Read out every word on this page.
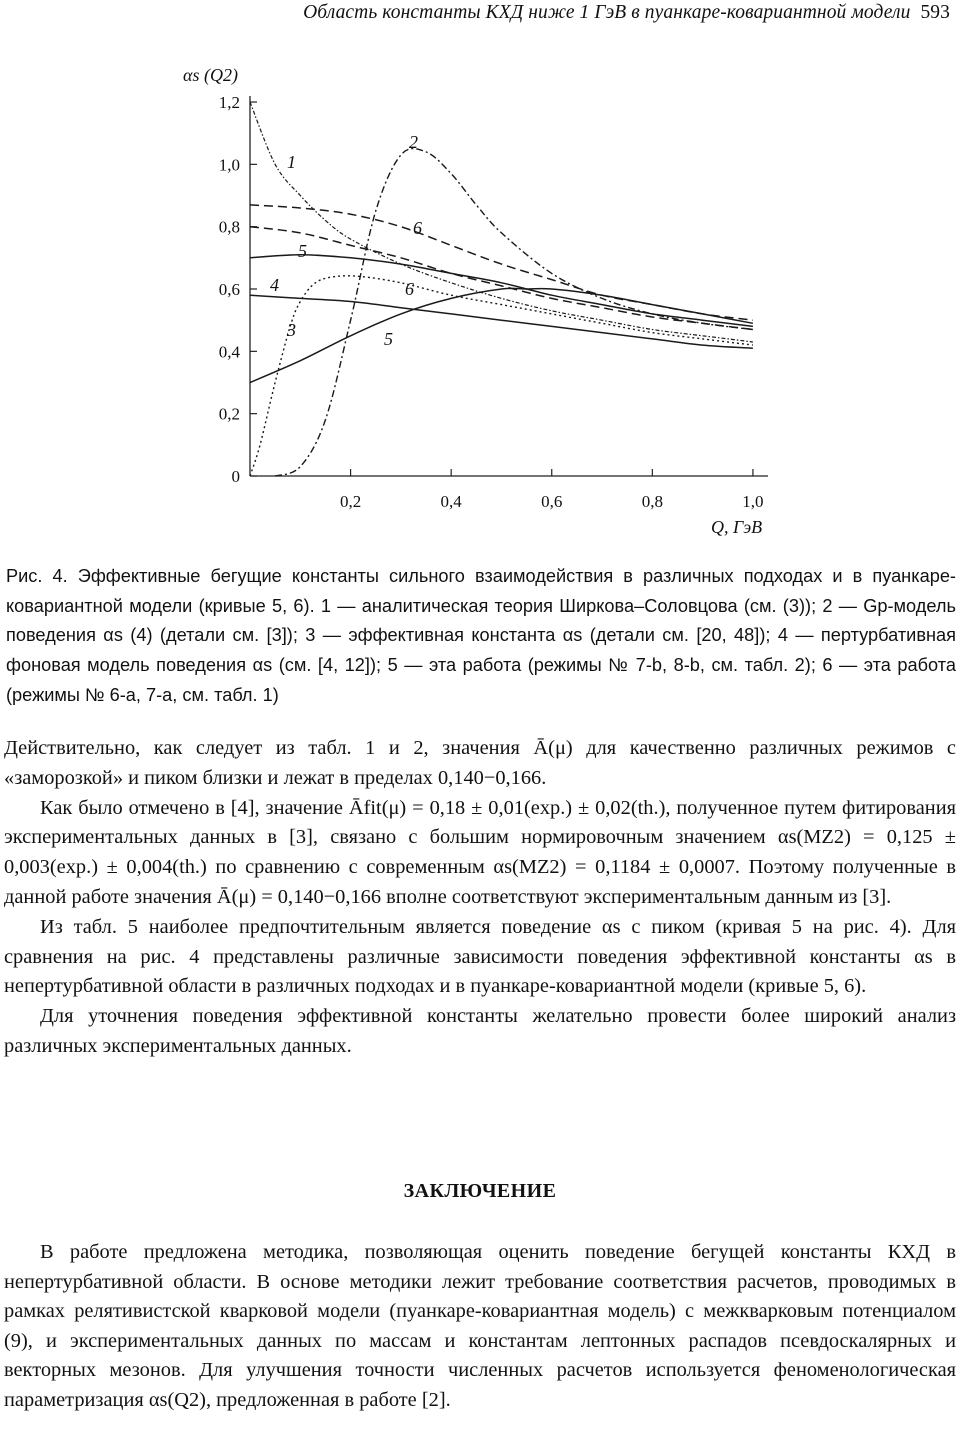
Область константы КХД ниже 1 ГэВ в пуанкаре-ковариантной модели 593
αs (Q2)
Q, ГэВ
0
0,2
0,4
0,6
0,8
1,0
1,2
0,2	0,4	0,6	0,8	1,0
1
2
3
4
5
6
5
6

Рис. 4. Эффективные бегущие константы сильного взаимодействия в различных подходах и в пуанкаре-ковариантной модели (кривые 5, 6). 1 — аналитическая теория Ширкова–Соловцова (см. (3)); 2 — Gp-модель поведения αs (4) (детали см. [3]); 3 — эффективная константа αs (детали см. [20, 48]); 4 — пертурбативная фоновая модель поведения αs (см. [4, 12]); 5 — эта работа (режимы № 7-b, 8-b, см. табл. 2); 6 — эта работа (режимы № 6-a, 7-a, см. табл. 1)

Действительно, как следует из табл. 1 и 2, значения Ā(μ) для качественно различных режимов с «заморозкой» и пиком близки и лежат в пределах 0,140−0,166.

Как было отмечено в [4], значение Āfit(μ) = 0,18 ± 0,01(exp.) ± 0,02(th.), полученное путем фитирования экспериментальных данных в [3], связано с большим нормировочным значением αs(MZ2) = 0,125 ± 0,003(exp.) ± 0,004(th.) по сравнению с современным αs(MZ2) = 0,1184 ± 0,0007. Поэтому полученные в данной работе значения Ā(μ) = 0,140−0,166 вполне соответствуют экспериментальным данным из [3].

Из табл. 5 наиболее предпочтительным является поведение αs с пиком (кривая 5 на рис. 4). Для сравнения на рис. 4 представлены различные зависимости поведения эффективной константы αs в непертурбативной области в различных подходах и в пуанкаре-ковариантной модели (кривые 5, 6).

Для уточнения поведения эффективной константы желательно провести более широкий анализ различных экспериментальных данных.

ЗАКЛЮЧЕНИЕ

В работе предложена методика, позволяющая оценить поведение бегущей константы КХД в непертурбативной области. В основе методики лежит требование соответствия расчетов, проводимых в рамках релятивистской кварковой модели (пуанкаре-ковариантная модель) с межкварковым потенциалом (9), и экспериментальных данных по массам и константам лептонных распадов псевдоскалярных и векторных мезонов. Для улучшения точности численных расчетов используется феноменологическая параметризация αs(Q2), предложенная в работе [2].
